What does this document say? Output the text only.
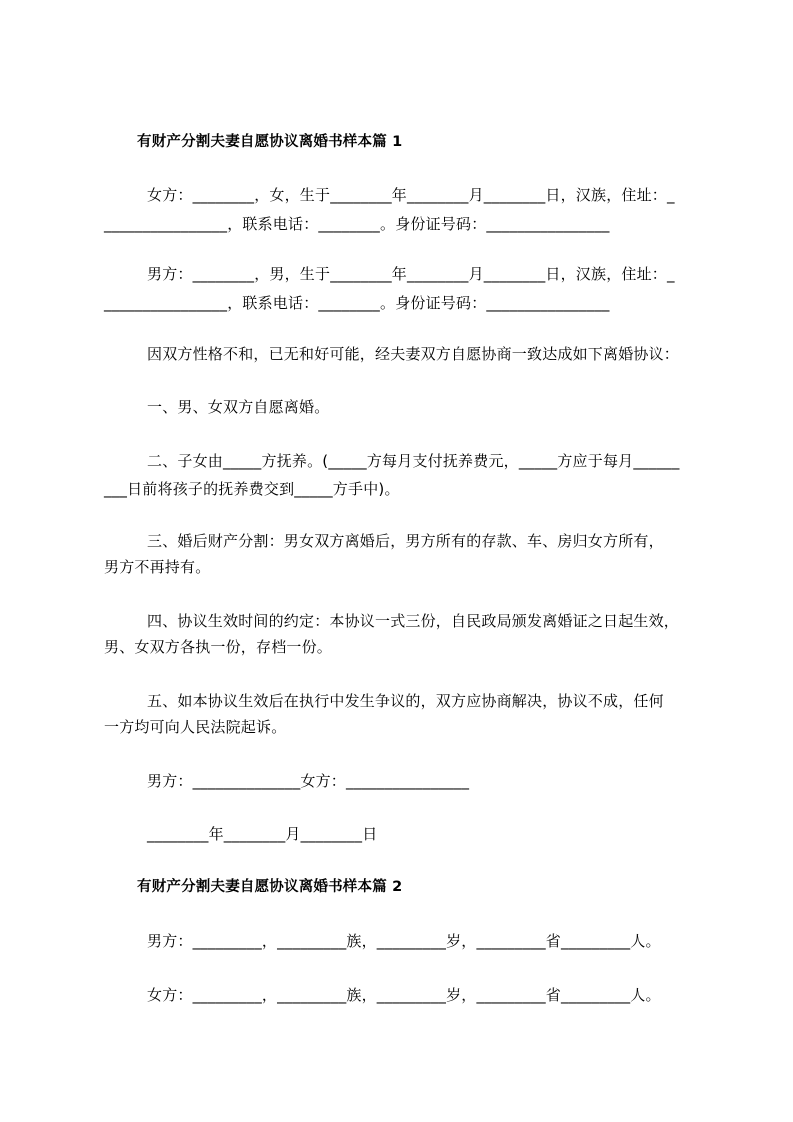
有财产分割夫妻自愿协议离婚书样本篇 1
女方：________，女，生于________年________月________日，汉族，住址：_
________________，联系电话：________。身份证号码：________________
男方：________，男，生于________年________月________日，汉族，住址：_
________________，联系电话：________。身份证号码：________________
因双方性格不和，已无和好可能，经夫妻双方自愿协商一致达成如下离婚协议：
一、男、女双方自愿离婚。
二、子女由_____方抚养。(_____方每月支付抚养费元，_____方应于每月______
___日前将孩子的抚养费交到_____方手中)。
三、婚后财产分割：男女双方离婚后，男方所有的存款、车、房归女方所有，
男方不再持有。
四、协议生效时间的约定：本协议一式三份，自民政局颁发离婚证之日起生效，
男、女双方各执一份，存档一份。
五、如本协议生效后在执行中发生争议的，双方应协商解决，协议不成，任何
一方均可向人民法院起诉。
男方：______________女方：________________
________年________月________日
有财产分割夫妻自愿协议离婚书样本篇 2
男方：_________，_________族，_________岁，_________省_________人。
女方：_________，_________族，_________岁，_________省_________人。
